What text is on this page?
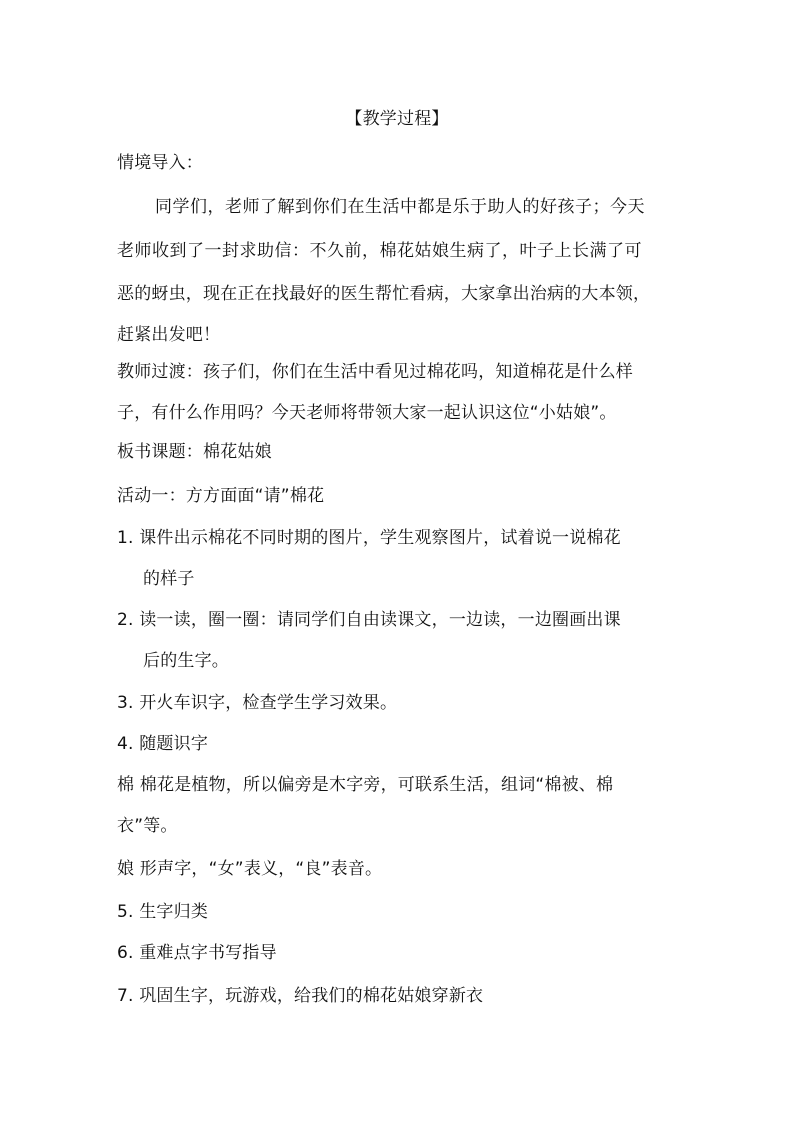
【教学过程】
情境导入：
同学们，老师了解到你们在生活中都是乐于助人的好孩子；今天
老师收到了一封求助信：不久前，棉花姑娘生病了，叶子上长满了可
恶的蚜虫，现在正在找最好的医生帮忙看病，大家拿出治病的大本领，
赶紧出发吧！
教师过渡：孩子们，你们在生活中看见过棉花吗，知道棉花是什么样
子，有什么作用吗？今天老师将带领大家一起认识这位“小姑娘”。
板书课题：棉花姑娘
活动一：方方面面“请”棉花
1. 课件出示棉花不同时期的图片，学生观察图片，试着说一说棉花
的样子
2. 读一读，圈一圈：请同学们自由读课文，一边读，一边圈画出课
后的生字。
3. 开火车识字，检查学生学习效果。
4. 随题识字
棉 棉花是植物，所以偏旁是木字旁，可联系生活，组词“棉被、棉
衣”等。
娘 形声字，“女”表义，“良”表音。
5. 生字归类
6. 重难点字书写指导
7. 巩固生字，玩游戏，给我们的棉花姑娘穿新衣
